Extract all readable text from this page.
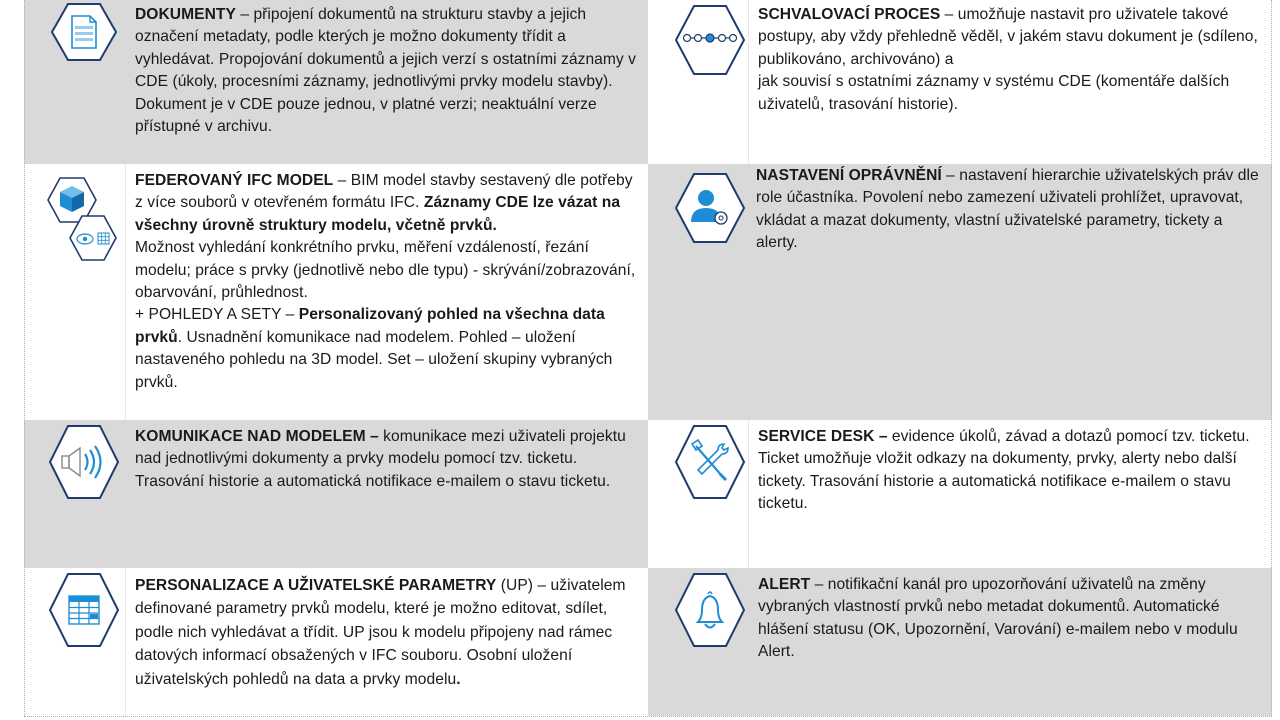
DOKUMENTY – připojení dokumentů na strukturu stavby a jejich označení metadaty, podle kterých je možno dokumenty třídit a vyhledávat. Propojování dokumentů a jejich verzí s ostatními záznamy v CDE (úkoly, procesními záznamy, jednotlivými prvky modelu stavby). Dokument je v CDE pouze jednou, v platné verzi; neaktuální verze přístupné v archivu.
SCHVALOVACÍ PROCES – umožňuje nastavit pro uživatele takové postupy, aby vždy přehledně věděl, v jakém stavu dokument je (sdíleno, publikováno, archivováno) a
jak souvisí s ostatními záznamy v systému CDE (komentáře dalších uživatelů, trasování historie).
FEDEROVANÝ IFC MODEL – BIM model stavby sestavený dle potřeby z více souborů v otevřeném formátu IFC. Záznamy CDE lze vázat na všechny úrovně struktury modelu, včetně prvků.
Možnost vyhledání konkrétního prvku, měření vzdáleností, řezání modelu; práce s prvky (jednotlivě nebo dle typu) - skrývání/zobrazování, obarvování, průhlednost.
+ POHLEDY A SETY – Personalizovaný pohled na všechna data prvků. Usnadnění komunikace nad modelem. Pohled – uložení nastaveného pohledu na 3D model. Set – uložení skupiny vybraných prvků.
NASTAVENÍ OPRÁVNĚNÍ – nastavení hierarchie uživatelských práv dle role účastníka. Povolení nebo zamezení uživateli prohlížet, upravovat, vkládat a mazat dokumenty, vlastní uživatelské parametry, tickety a alerty.
KOMUNIKACE NAD MODELEM – komunikace mezi uživateli projektu nad jednotlivými dokumenty a prvky modelu pomocí tzv. ticketu. Trasování historie a automatická notifikace e-mailem o stavu ticketu.
SERVICE DESK – evidence úkolů, závad a dotazů pomocí tzv. ticketu. Ticket umožňuje vložit odkazy na dokumenty, prvky, alerty nebo další tickety. Trasování historie a automatická notifikace e-mailem o stavu ticketu.
PERSONALIZACE A UŽIVATELSKÉ PARAMETRY (UP) – uživatelem definované parametry prvků modelu, které je možno editovat, sdílet, podle nich vyhledávat a třídit. UP jsou k modelu připojeny nad rámec datových informací obsažených v IFC souboru. Osobní uložení uživatelských pohledů na data a prvky modelu.
ALERT – notifikační kanál pro upozorňování uživatelů na změny vybraných vlastností prvků nebo metadat dokumentů. Automatické hlášení statusu (OK, Upozornění, Varování) e-mailem nebo v modulu Alert.
